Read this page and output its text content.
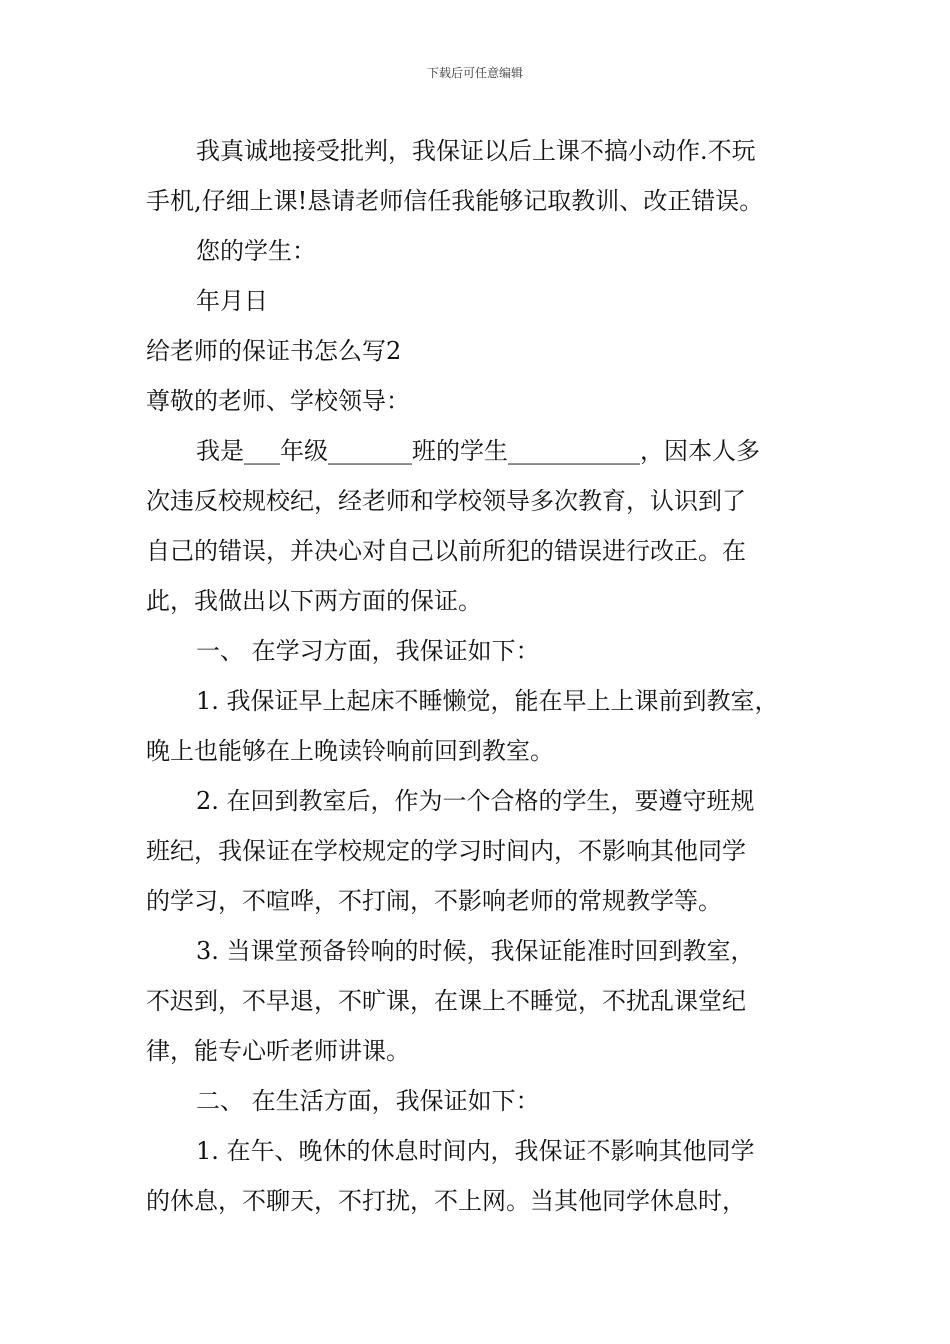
下载后可任意编辑
我真诚地接受批判，我保证以后上课不搞小动作.不玩
手机,仔细上课!恳请老师信任我能够记取教训、改正错误。
您的学生：
年月日
给老师的保证书怎么写2
尊敬的老师、学校领导：
我是___年级_______班的学生___________，因本人多
次违反校规校纪，经老师和学校领导多次教育，认识到了
自己的错误，并决心对自己以前所犯的错误进行改正。在
此，我做出以下两方面的保证。
一、 在学习方面，我保证如下：
1. 我保证早上起床不睡懒觉，能在早上上课前到教室，
晚上也能够在上晚读铃响前回到教室。
2. 在回到教室后，作为一个合格的学生，要遵守班规
班纪，我保证在学校规定的学习时间内，不影响其他同学
的学习，不喧哗，不打闹，不影响老师的常规教学等。
3. 当课堂预备铃响的时候，我保证能准时回到教室，
不迟到，不早退，不旷课，在课上不睡觉，不扰乱课堂纪
律，能专心听老师讲课。
二、 在生活方面，我保证如下：
1. 在午、晚休的休息时间内，我保证不影响其他同学
的休息，不聊天，不打扰，不上网。当其他同学休息时，
